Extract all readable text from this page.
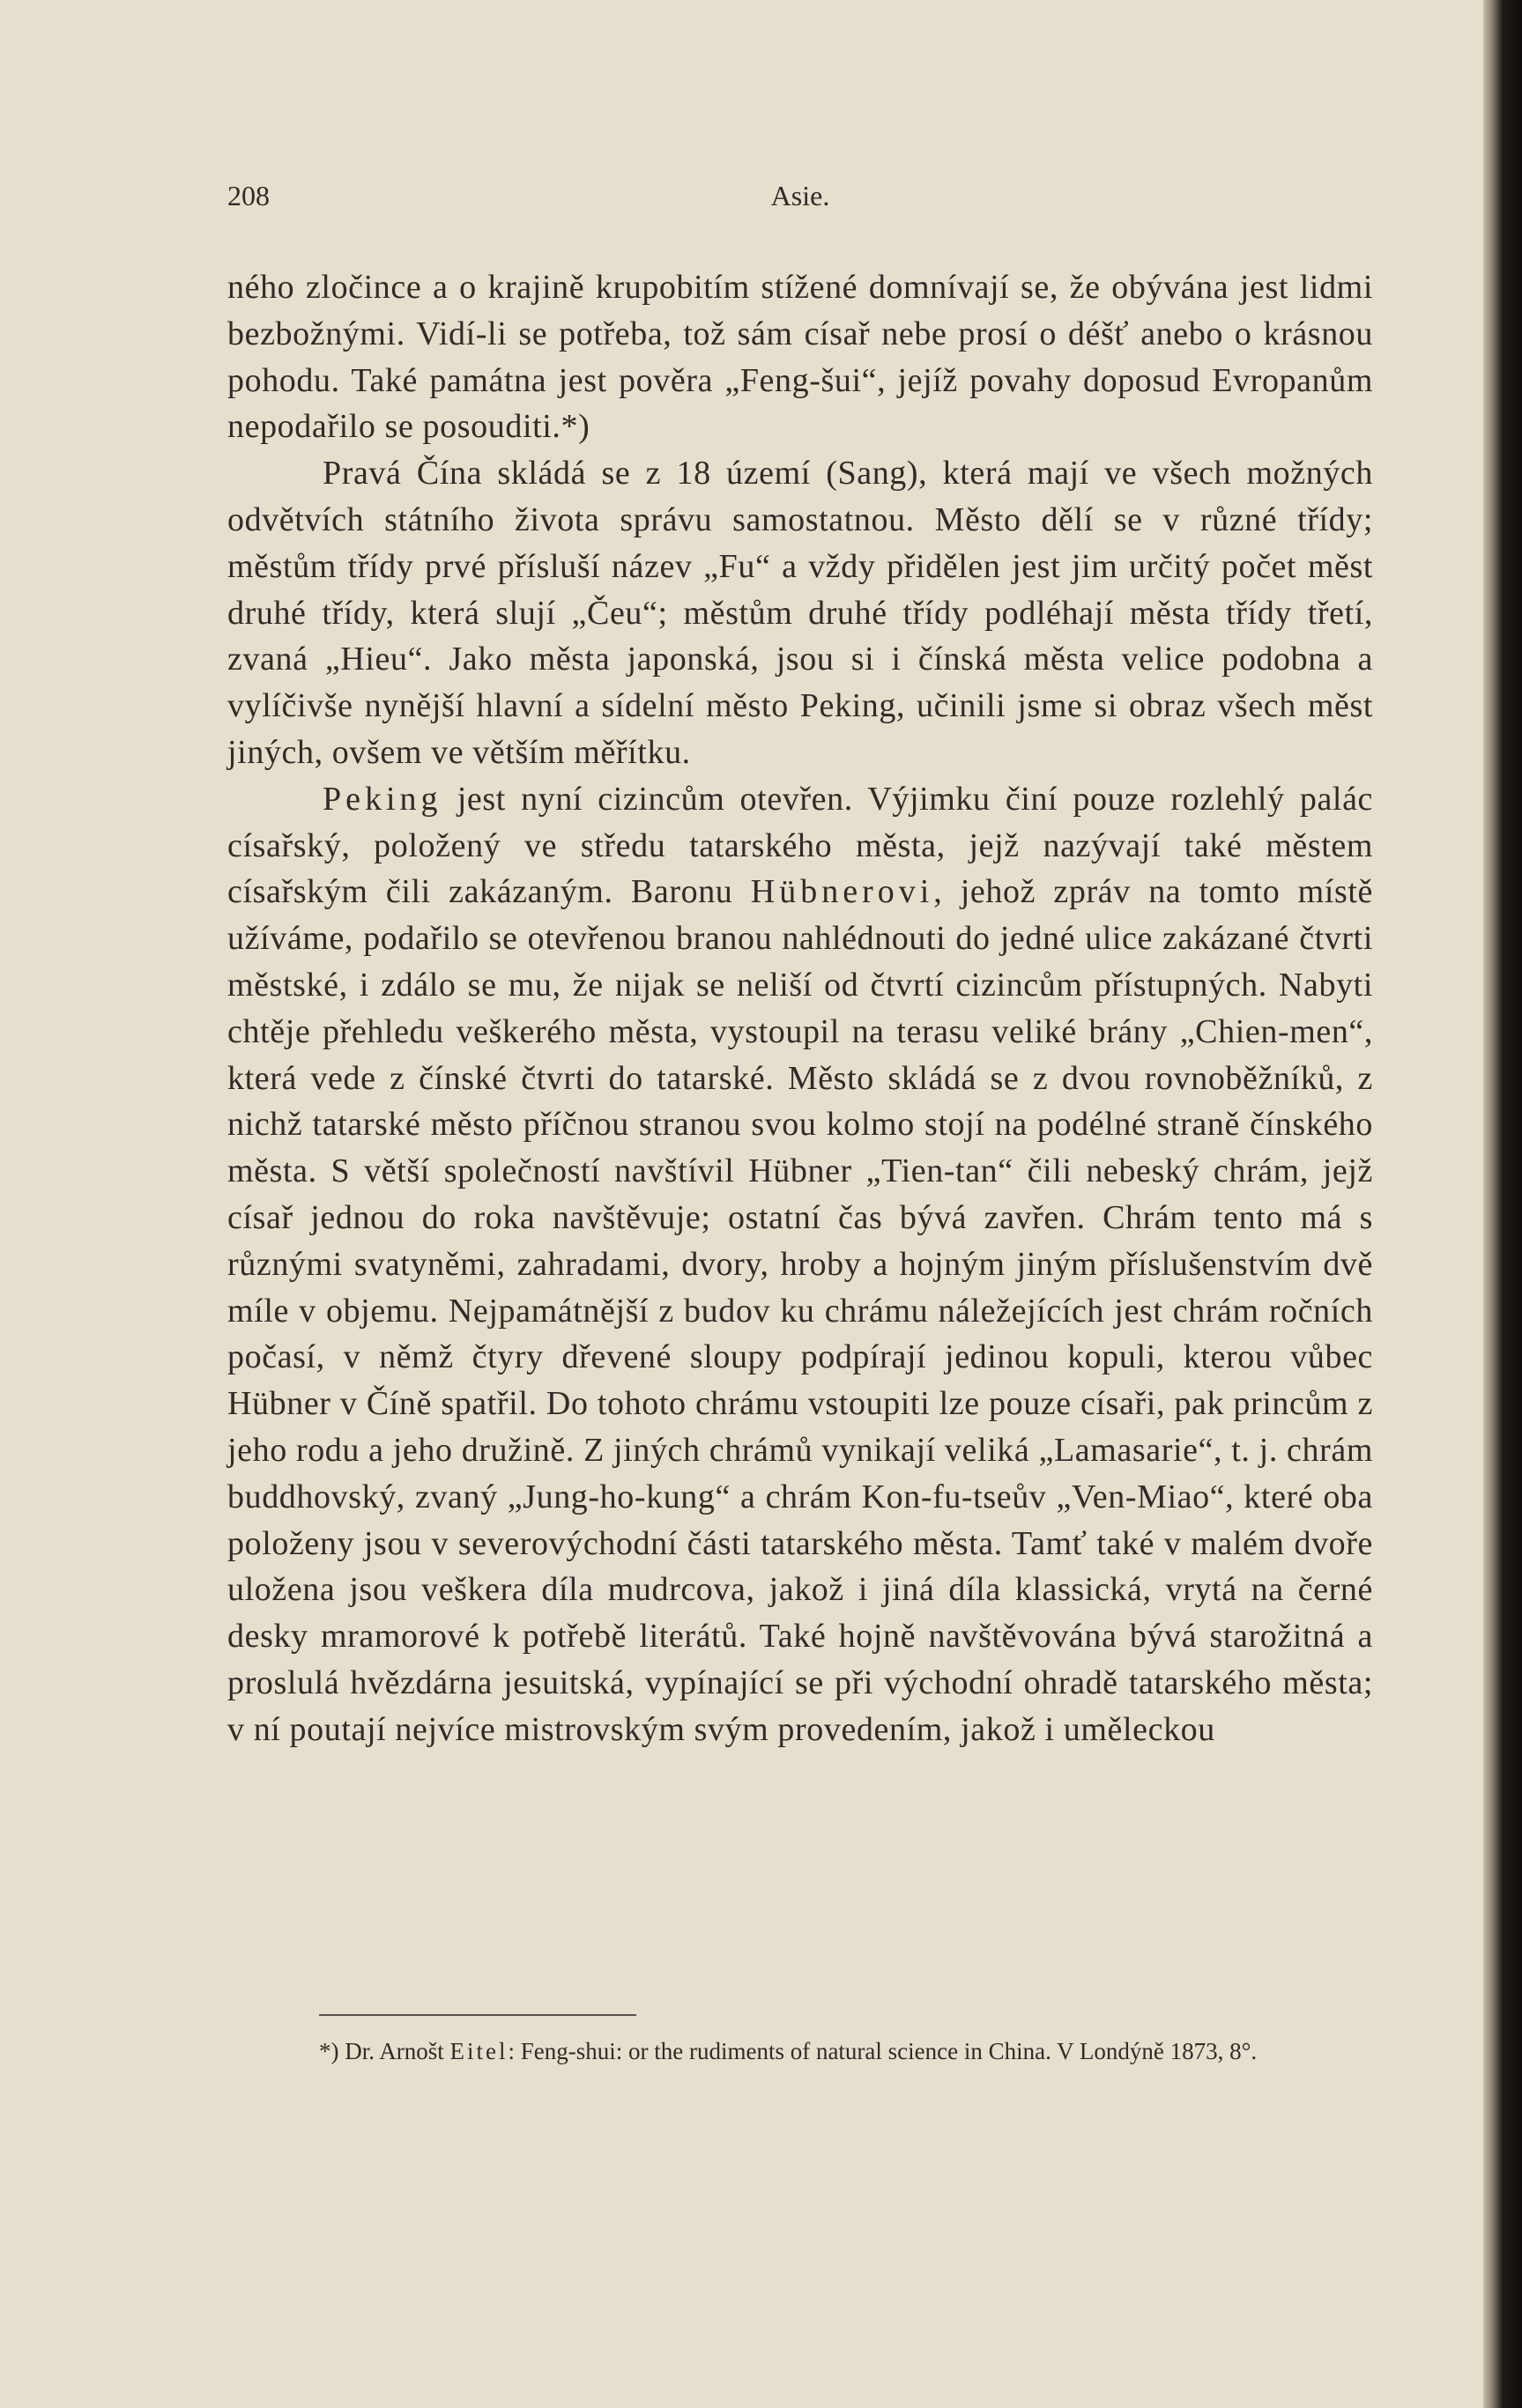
208	Asie.

ného zločince a o krajině krupobitím stížené domnívají se, že obývána jest lidmi bezbožnými. Vidí-li se potřeba, tož sám císař nebe prosí o déšť anebo o krásnou pohodu. Také památna jest pověra „Feng-šui“, jejíž povahy doposud Evropanům nepodařilo se posouditi.*)

Pravá Čína skládá se z 18 území (Sang), která mají ve všech možných odvětvích státního života správu samostatnou. Město dělí se v různé třídy; městům třídy prvé přísluší název „Fu“ a vždy přidělen jest jim určitý počet měst druhé třídy, která slují „Čeu“; městům druhé třídy podléhají města třídy třetí, zvaná „Hieu“. Jako města japonská, jsou si i čínská města velice podobna a vylíčivše nynější hlavní a sídelní město Peking, učinili jsme si obraz všech měst jiných, ovšem ve větším měřítku.

Peking jest nyní cizincům otevřen. Výjimku činí pouze rozlehlý palác císařský, položený ve středu tatarského města, jejž nazývají také městem císařským čili zakázaným. Baronu Hübnerovi, jehož zpráv na tomto místě užíváme, podařilo se otevřenou branou nahlédnouti do jedné ulice zakázané čtvrti městské, i zdálo se mu, že nijak se neliší od čtvrtí cizincům přístupných. Nabyti chtěje přehledu veškerého města, vystoupil na terasu veliké brány „Chien-men“, která vede z čínské čtvrti do tatarské. Město skládá se z dvou rovnoběžníků, z nichž tatarské město příčnou stranou svou kolmo stojí na podélné straně čínského města. S větší společností navštívil Hübner „Tien-tan“ čili nebeský chrám, jejž císař jednou do roka navštěvuje; ostatní čas bývá zavřen. Chrám tento má s různými svatyněmi, zahradami, dvory, hroby a hojným jiným příslušenstvím dvě míle v objemu. Nejpamátnější z budov ku chrámu náležejících jest chrám ročních počasí, v němž čtyry dřevené sloupy podpírají jedinou kopuli, kterou vůbec Hübner v Číně spatřil. Do tohoto chrámu vstoupiti lze pouze císaři, pak princům z jeho rodu a jeho družině. Z jiných chrámů vynikají veliká „Lamasarie“, t. j. chrám buddhovský, zvaný „Jung-ho-kung“ a chrám Kon-fu-tseův „Ven-Miao“, které oba položeny jsou v severovýchodní části tatarského města. Tamť také v malém dvoře uložena jsou veškera díla mudrcova, jakož i jiná díla klassická, vrytá na černé desky mramorové k potřebě literátů. Také hojně navštěvována bývá starožitná a proslulá hvězdárna jesuitská, vypínající se při východní ohradě tatarského města; v ní poutají nejvíce mistrovským svým provedením, jakož i uměleckou

*) Dr. Arnošt Eitel: Feng-shui: or the rudiments of natural science in China. V Londýně 1873, 8°.
